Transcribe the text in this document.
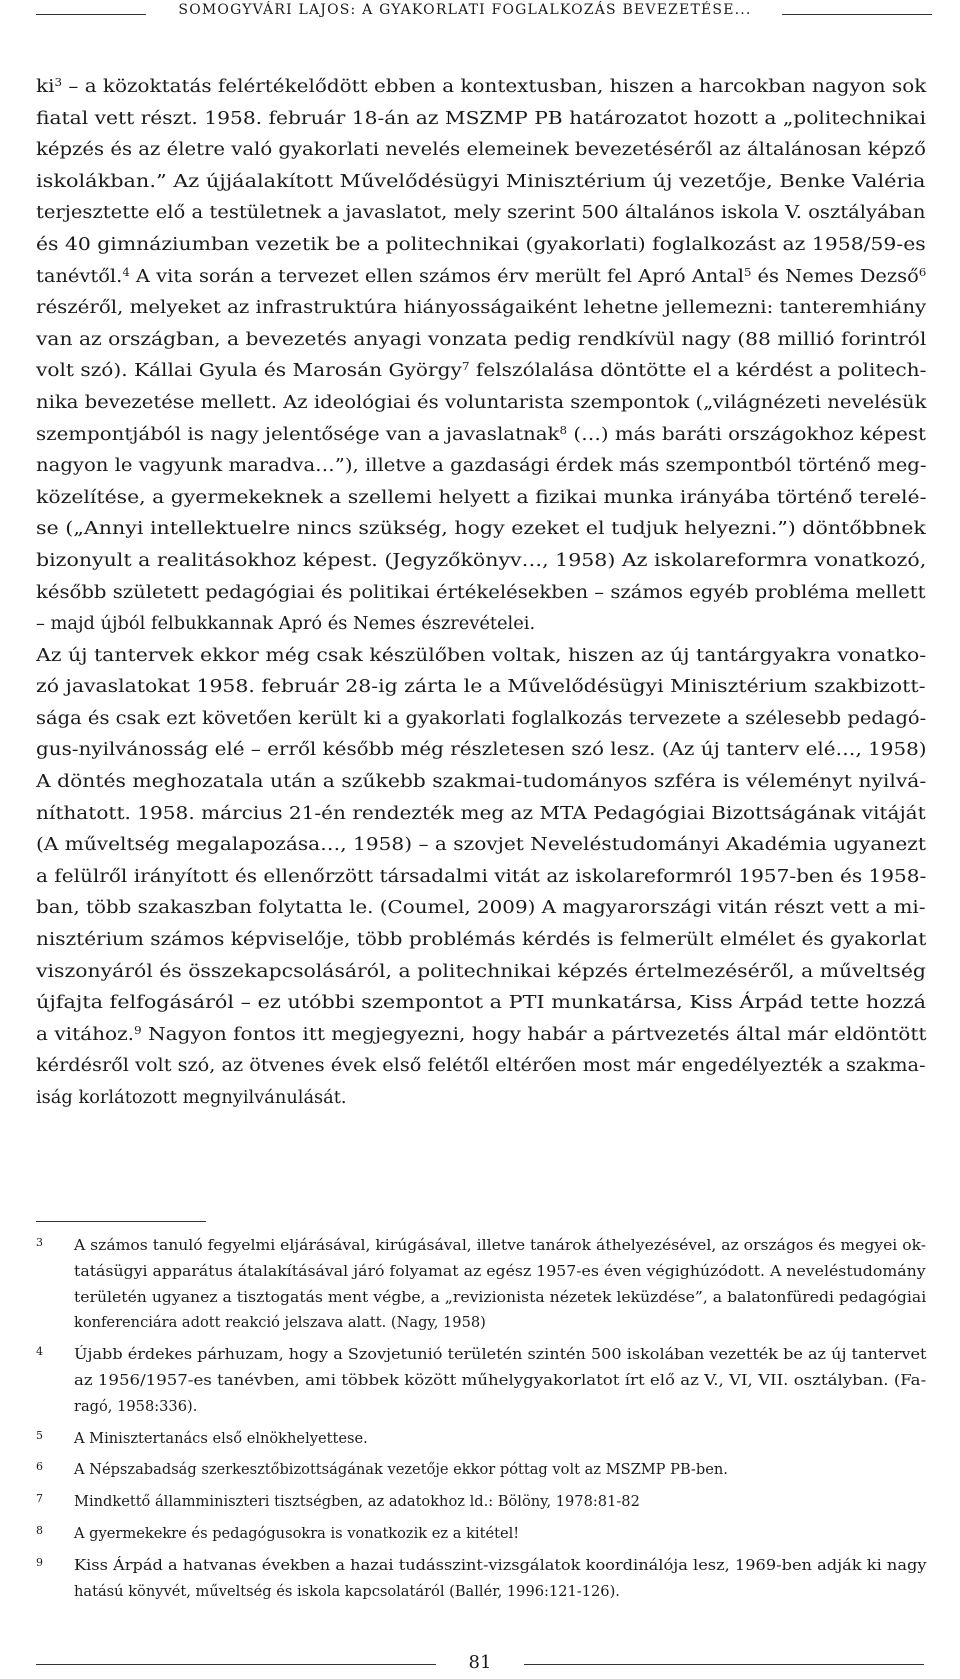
SOMOGYVÁRI LAJOS: A GYAKORLATI FOGLALKOZÁS BEVEZETÉSE...
$ki^3$ – a közoktatás felértékelődött ebben a kontextusban, hiszen a harcokban nagyon sok
fiatal vett részt. 1958. február 18-án az MSZMP PB határozatot hozott a „politechnikai
képzés és az életre való gyakorlati nevelés elemeinek bevezetéséről az általánosan képző
iskolákban.” Az újjáalakított Művelődésügyi Minisztérium új vezetője, Benke Valéria
terjesztette elő a testületnek a javaslatot, mely szerint 500 általános iskola V. osztályában
és 40 gimnáziumban vezetik be a politechnikai (gyakorlati) foglalkozást az 1958/59-es
tanévtől.$^4$ A vita során a tervezet ellen számos érv merült fel Apró Antal$^5$ és Nemes Dezső$^6$
részéről, melyeket az infrastruktúra hiányosságaiként lehetne jellemezni: tanteremhiány
van az országban, a bevezetés anyagi vonzata pedig rendkívül nagy (88 millió forintról
volt szó). Kállai Gyula és Marosán György$^7$ felszólalása döntötte el a kérdést a politech-
nika bevezetése mellett. Az ideológiai és voluntarista szempontok („világnézeti nevelésük
szempontjából is nagy jelentősége van a javaslatnak$^8$ (…) más baráti országokhoz képest
nagyon le vagyunk maradva…”), illetve a gazdasági érdek más szempontból történő meg-
közelítése, a gyermekeknek a szellemi helyett a fizikai munka irányába történő terelé-
se („Annyi intellektuelre nincs szükség, hogy ezeket el tudjuk helyezni.”) döntőbbnek
bizonyult a realitásokhoz képest. (Jegyzőkönyv…, 1958) Az iskolareformra vonatkozó,
később született pedagógiai és politikai értékelésekben – számos egyéb probléma mellett
– majd újból felbukkannak Apró és Nemes észrevételei.
Az új tantervek ekkor még csak készülőben voltak, hiszen az új tantárgyakra vonatko-
zó javaslatokat 1958. február 28-ig zárta le a Művelődésügyi Minisztérium szakbizott-
sága és csak ezt követően került ki a gyakorlati foglalkozás tervezete a szélesebb pedagó-
gus-nyilvánosság elé – erről később még részletesen szó lesz. (Az új tanterv elé…, 1958)
A döntés meghozatala után a szűkebb szakmai-tudományos szféra is véleményt nyilvá-
níthatott. 1958. március 21-én rendezték meg az MTA Pedagógiai Bizottságának vitáját
(A műveltség megalapozása…, 1958) – a szovjet Neveléstudományi Akadémia ugyanezt
a felülről irányított és ellenőrzött társadalmi vitát az iskolareformról 1957-ben és 1958-
ban, több szakaszban folytatta le. (Coumel, 2009) A magyarországi vitán részt vett a mi-
nisztérium számos képviselője, több problémás kérdés is felmerült elmélet és gyakorlat
viszonyáról és összekapcsolásáról, a politechnikai képzés értelmezéséről, a műveltség
újfajta felfogásáról – ez utóbbi szempontot a PTI munkatársa, Kiss Árpád tette hozzá
a vitához.$^9$ Nagyon fontos itt megjegyezni, hogy habár a pártvezetés által már eldöntött
kérdésről volt szó, az ötvenes évek első felétől eltérően most már engedélyezték a szakma-
iság korlátozott megnyilvánulását.
3 A számos tanuló fegyelmi eljárásával, kirúgásával, illetve tanárok áthelyezésével, az országos és megyei ok-
tatásügyi apparátus átalakításával járó folyamat az egész 1957-es éven végighúzódott. A neveléstudomány
területén ugyanez a tisztogatás ment végbe, a „revizionista nézetek leküzdése”, a balatonfüredi pedagógiai
konferenciára adott reakció jelszava alatt. (Nagy, 1958)
4 Újabb érdekes párhuzam, hogy a Szovjetunió területén szintén 500 iskolában vezették be az új tantervet
az 1956/1957-es tanévben, ami többek között műhelygyakorlatot írt elő az V., VI, VII. osztályban. (Fa-
ragó, 1958:336).
5 A Minisztertanács első elnökhelyettese.
6 A Népszabadság szerkesztőbizottságának vezetője ekkor póttag volt az MSZMP PB-ben.
7 Mindkettő államminiszteri tisztségben, az adatokhoz ld.: Bölöny, 1978:81-82
8 A gyermekekre és pedagógusokra is vonatkozik ez a kitétel!
9 Kiss Árpád a hatvanas években a hazai tudásszint-vizsgálatok koordinálója lesz, 1969-ben adják ki nagy
hatású könyvét, műveltség és iskola kapcsolatáról (Ballér, 1996:121-126).
81
